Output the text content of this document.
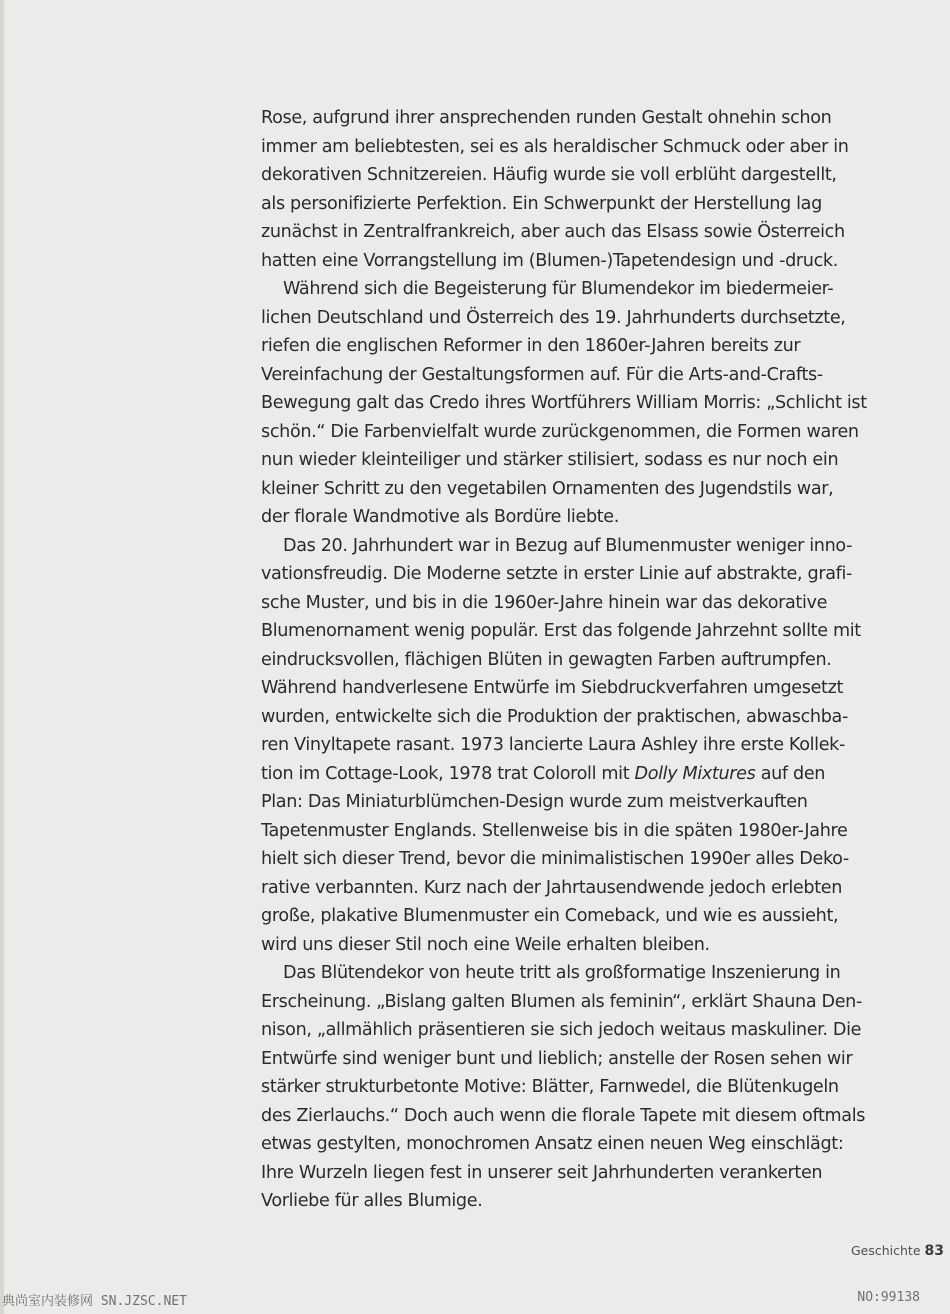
Rose, aufgrund ihrer ansprechenden runden Gestalt ohnehin schon
immer am beliebtesten, sei es als heraldischer Schmuck oder aber in
dekorativen Schnitzereien. Häufig wurde sie voll erblüht dargestellt,
als personifizierte Perfektion. Ein Schwerpunkt der Herstellung lag
zunächst in Zentralfrankreich, aber auch das Elsass sowie Österreich
hatten eine Vorrangstellung im (Blumen-)Tapetendesign und -druck.
Während sich die Begeisterung für Blumendekor im biedermeier-
lichen Deutschland und Österreich des 19. Jahrhunderts durchsetzte,
riefen die englischen Reformer in den 1860er-Jahren bereits zur
Vereinfachung der Gestaltungsformen auf. Für die Arts-and-Crafts-
Bewegung galt das Credo ihres Wortführers William Morris: „Schlicht ist
schön.“ Die Farbenvielfalt wurde zurückgenommen, die Formen waren
nun wieder kleinteiliger und stärker stilisiert, sodass es nur noch ein
kleiner Schritt zu den vegetabilen Ornamenten des Jugendstils war,
der florale Wandmotive als Bordüre liebte.
Das 20. Jahrhundert war in Bezug auf Blumenmuster weniger inno-
vationsfreudig. Die Moderne setzte in erster Linie auf abstrakte, grafi-
sche Muster, und bis in die 1960er-Jahre hinein war das dekorative
Blumenornament wenig populär. Erst das folgende Jahrzehnt sollte mit
eindrucksvollen, flächigen Blüten in gewagten Farben auftrumpfen.
Während handverlesene Entwürfe im Siebdruckverfahren umgesetzt
wurden, entwickelte sich die Produktion der praktischen, abwaschba-
ren Vinyltapete rasant. 1973 lancierte Laura Ashley ihre erste Kollek-
tion im Cottage-Look, 1978 trat Coloroll mit Dolly Mixtures auf den
Plan: Das Miniaturblümchen-Design wurde zum meistverkauften
Tapetenmuster Englands. Stellenweise bis in die späten 1980er-Jahre
hielt sich dieser Trend, bevor die minimalistischen 1990er alles Deko-
rative verbannten. Kurz nach der Jahrtausendwende jedoch erlebten
große, plakative Blumenmuster ein Comeback, und wie es aussieht,
wird uns dieser Stil noch eine Weile erhalten bleiben.
Das Blütendekor von heute tritt als großformatige Inszenierung in
Erscheinung. „Bislang galten Blumen als feminin“, erklärt Shauna Den-
nison, „allmählich präsentieren sie sich jedoch weitaus maskuliner. Die
Entwürfe sind weniger bunt und lieblich; anstelle der Rosen sehen wir
stärker strukturbetonte Motive: Blätter, Farnwedel, die Blütenkugeln
des Zierlauchs.“ Doch auch wenn die florale Tapete mit diesem oftmals
etwas gestylten, monochromen Ansatz einen neuen Weg einschlägt:
Ihre Wurzeln liegen fest in unserer seit Jahrhunderten verankerten
Vorliebe für alles Blumige.
Geschichte 83
典尚室内装修网 SN.JZSC.NET	NO:99138
